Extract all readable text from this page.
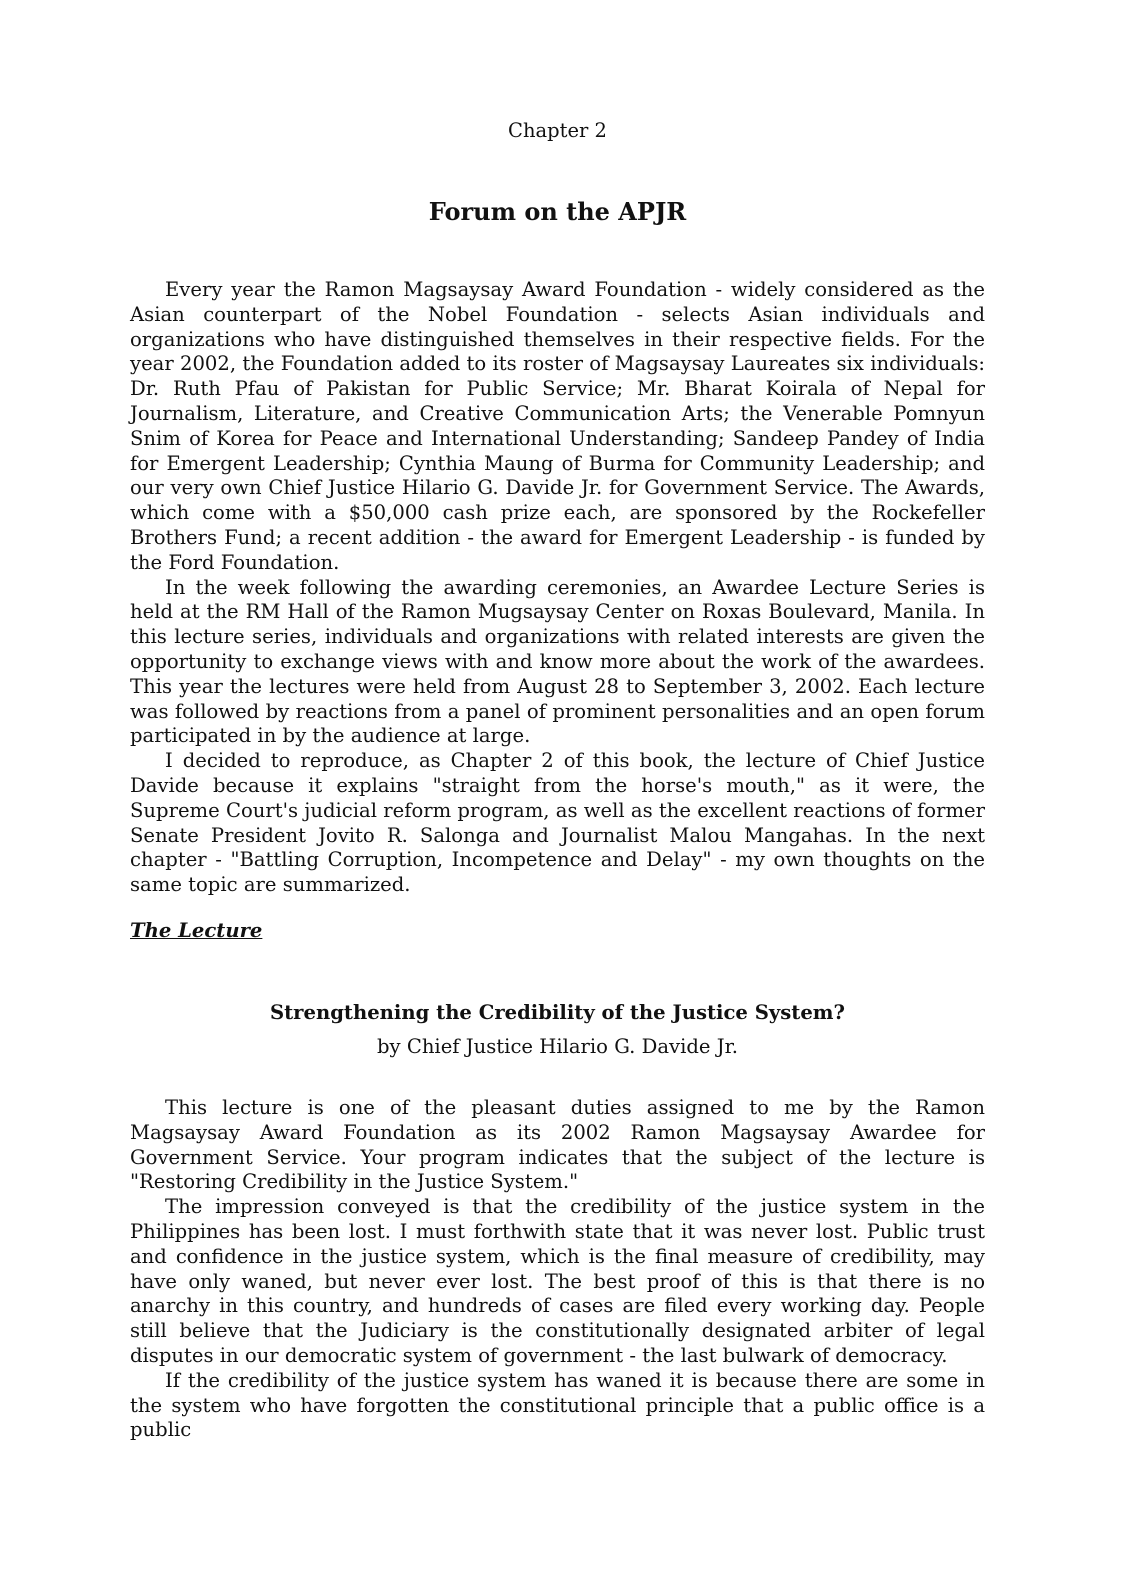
Chapter 2
Forum on the APJR

Every year the Ramon Magsaysay Award Foundation - widely considered as the Asian counterpart of the Nobel Foundation - selects Asian individuals and organizations who have distinguished themselves in their respective fields. For the year 2002, the Foundation added to its roster of Magsaysay Laureates six individuals: Dr. Ruth Pfau of Pakistan for Public Service; Mr. Bharat Koirala of Nepal for Journalism, Literature, and Creative Communication Arts; the Venerable Pomnyun Snim of Korea for Peace and International Understanding; Sandeep Pandey of India for Emergent Leadership; Cynthia Maung of Burma for Community Leadership; and our very own Chief Justice Hilario G. Davide Jr. for Government Service. The Awards, which come with a $50,000 cash prize each, are sponsored by the Rockefeller Brothers Fund; a recent addition - the award for Emergent Leadership - is funded by the Ford Foundation.

In the week following the awarding ceremonies, an Awardee Lecture Series is held at the RM Hall of the Ramon Mugsaysay Center on Roxas Boulevard, Manila. In this lecture series, individuals and organizations with related interests are given the opportunity to exchange views with and know more about the work of the awardees. This year the lectures were held from August 28 to September 3, 2002. Each lecture was followed by reactions from a panel of prominent personalities and an open forum participated in by the audience at large.

I decided to reproduce, as Chapter 2 of this book, the lecture of Chief Justice Davide because it explains "straight from the horse's mouth," as it were, the Supreme Court's judicial reform program, as well as the excellent reactions of former Senate President Jovito R. Salonga and Journalist Malou Mangahas. In the next chapter - "Battling Corruption, Incompetence and Delay" - my own thoughts on the same topic are summarized.

The Lecture
Strengthening the Credibility of the Justice System?
by Chief Justice Hilario G. Davide Jr.

This lecture is one of the pleasant duties assigned to me by the Ramon Magsaysay Award Foundation as its 2002 Ramon Magsaysay Awardee for Government Service. Your program indicates that the subject of the lecture is "Restoring Credibility in the Justice System."

The impression conveyed is that the credibility of the justice system in the Philippines has been lost. I must forthwith state that it was never lost. Public trust and confidence in the justice system, which is the final measure of credibility, may have only waned, but never ever lost. The best proof of this is that there is no anarchy in this country, and hundreds of cases are filed every working day. People still believe that the Judiciary is the constitutionally designated arbiter of legal disputes in our democratic system of government - the last bulwark of democracy.

If the credibility of the justice system has waned it is because there are some in the system who have forgotten the constitutional principle that a public office is a public
